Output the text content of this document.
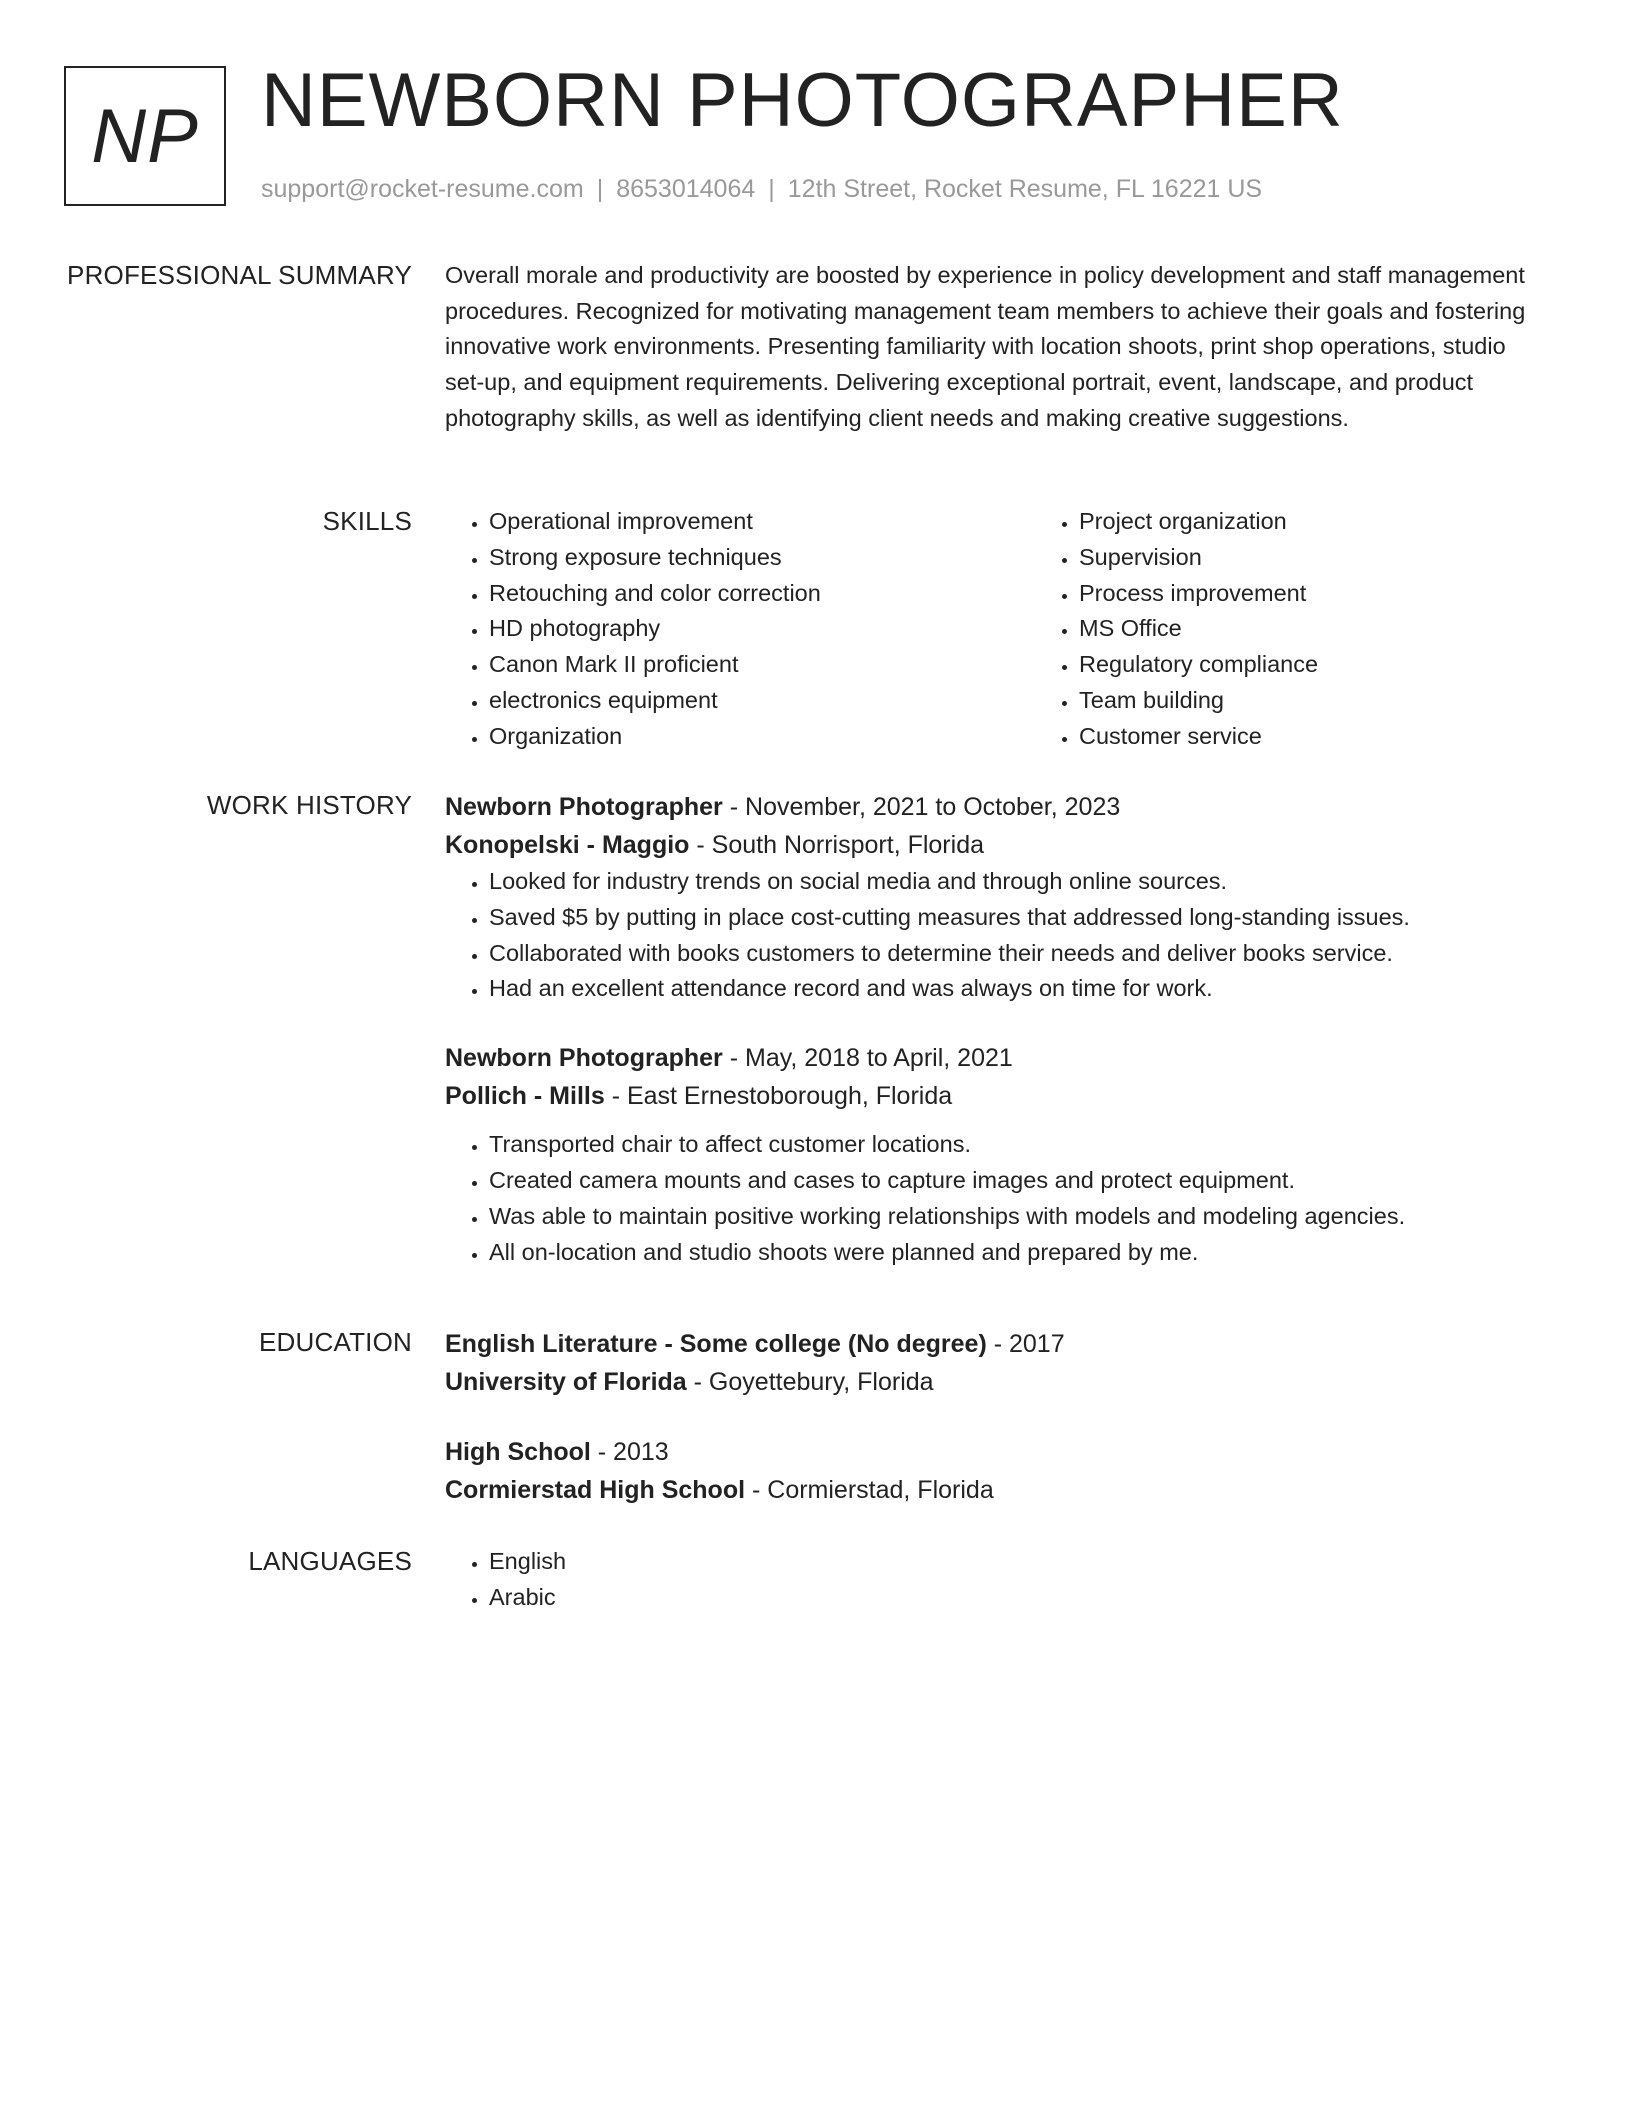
NP NEWBORN PHOTOGRAPHER
support@rocket-resume.com | 8653014064 | 12th Street, Rocket Resume, FL 16221 US
PROFESSIONAL SUMMARY Overall morale and productivity are boosted by experience in policy development and staff management procedures. Recognized for motivating management team members to achieve their goals and fostering innovative work environments. Presenting familiarity with location shoots, print shop operations, studio set-up, and equipment requirements. Delivering exceptional portrait, event, landscape, and product photography skills, as well as identifying client needs and making creative suggestions.

SKILLS	• Operational improvement
• Strong exposure techniques
• Retouching and color correction
• HD photography
• Canon Mark II proficient
• electronics equipment
• Organization
• Project organization
• Supervision
• Process improvement
• MS Office
• Regulatory compliance
• Team building
• Customer service
WORK HISTORY Newborn Photographer - November, 2021 to October, 2023
Konopelski - Maggio - South Norrisport, Florida
• Looked for industry trends on social media and through online sources.
• Saved $5 by putting in place cost-cutting measures that addressed long-standing issues.
• Collaborated with books customers to determine their needs and deliver books service.
• Had an excellent attendance record and was always on time for work.
Newborn Photographer - May, 2018 to April, 2021
Pollich - Mills - East Ernestoborough, Florida
• Transported chair to affect customer locations.
• Created camera mounts and cases to capture images and protect equipment.
• Was able to maintain positive working relationships with models and modeling agencies.
• All on-location and studio shoots were planned and prepared by me.
EDUCATION English Literature - Some college (No degree) - 2017
University of Florida - Goyettebury, Florida
High School - 2013
Cormierstad High School - Cormierstad, Florida
LANGUAGES	• English
• Arabic
